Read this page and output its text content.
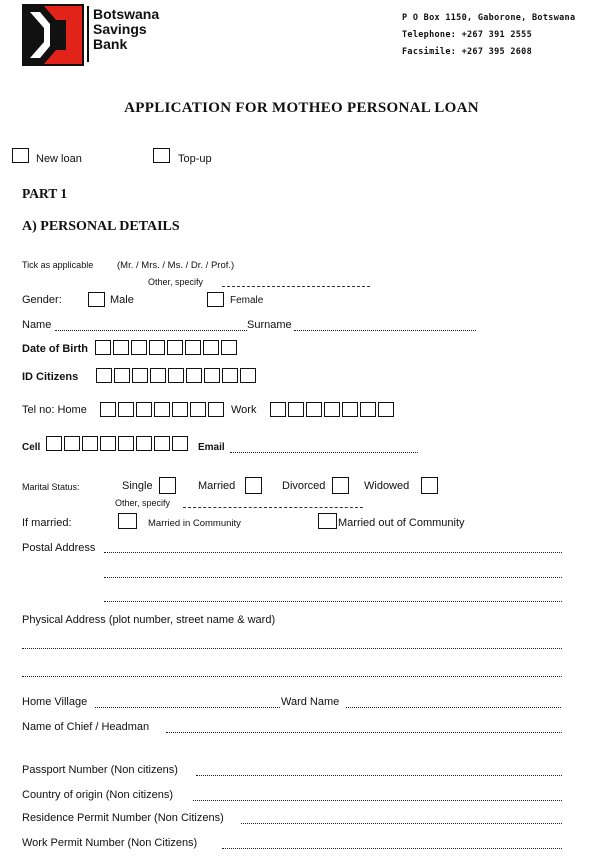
Botswana
Savings
Bank
P O Box 1150, Gaborone, Botswana
Telephone: +267 391 2555
Facsimile: +267 395 2608
APPLICATION FOR MOTHEO PERSONAL LOAN
New loan	Top-up
PART 1
A) PERSONAL DETAILS
Tick as applicable	(Mr. / Mrs. / Ms. / Dr. / Prof.)
Other, specify
Gender:	Male	Female
Name	Surname
Date of Birth
ID Citizens
Tel no: Home	Work
Cell	Email
Marital Status:	Single	Married	Divorced	Widowed
Other, specify
If married:	Married in Community	Married out of Community
Postal Address
Physical Address (plot number, street name & ward)
Home Village	Ward Name
Name of Chief / Headman
Passport Number (Non citizens)
Country of origin (Non citizens)
Residence Permit Number (Non Citizens)
Work Permit Number (Non Citizens)
